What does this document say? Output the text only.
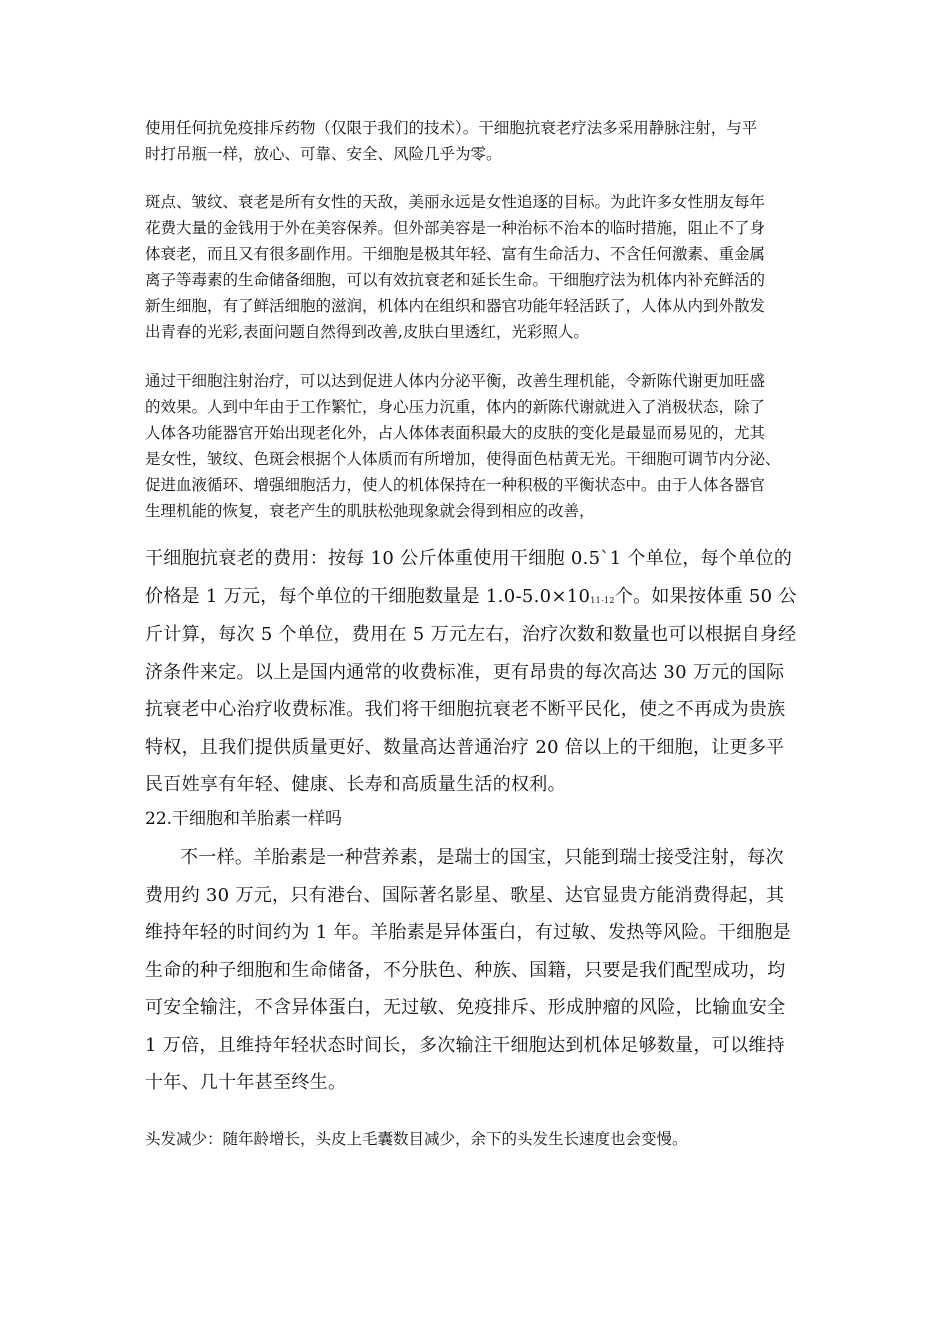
使用任何抗免疫排斥药物（仅限于我们的技术）。干细胞抗衰老疗法多采用静脉注射，与平
时打吊瓶一样，放心、可靠、安全、风险几乎为零。
斑点、皱纹、衰老是所有女性的天敌，美丽永远是女性追逐的目标。为此许多女性朋友每年
花费大量的金钱用于外在美容保养。但外部美容是一种治标不治本的临时措施，阻止不了身
体衰老，而且又有很多副作用。干细胞是极其年轻、富有生命活力、不含任何激素、重金属
离子等毒素的生命储备细胞，可以有效抗衰老和延长生命。干细胞疗法为机体内补充鲜活的
新生细胞，有了鲜活细胞的滋润，机体内在组织和器官功能年轻活跃了，人体从内到外散发
出青春的光彩,表面问题自然得到改善,皮肤白里透红，光彩照人。
通过干细胞注射治疗，可以达到促进人体内分泌平衡，改善生理机能，令新陈代谢更加旺盛
的效果。人到中年由于工作繁忙，身心压力沉重，体内的新陈代谢就进入了消极状态，除了
人体各功能器官开始出现老化外，占人体体表面积最大的皮肤的变化是最显而易见的，尤其
是女性，皱纹、色斑会根据个人体质而有所增加，使得面色枯黄无光。干细胞可调节内分泌、
促进血液循环、增强细胞活力，使人的机体保持在一种积极的平衡状态中。由于人体各器官
生理机能的恢复，衰老产生的肌肤松弛现象就会得到相应的改善，
干细胞抗衰老的费用：按每 10 公斤体重使用干细胞 0.5`1 个单位，每个单位的
价格是 1 万元，每个单位的干细胞数量是 $1.0-5.0\times 10_{11-12}$个。如果按体重 50 公
斤计算，每次 5 个单位，费用在 5 万元左右，治疗次数和数量也可以根据自身经
济条件来定。以上是国内通常的收费标准，更有昂贵的每次高达 30 万元的国际
抗衰老中心治疗收费标准。我们将干细胞抗衰老不断平民化，使之不再成为贵族
特权，且我们提供质量更好、数量高达普通治疗 20 倍以上的干细胞，让更多平
民百姓享有年轻、健康、长寿和高质量生活的权利。
22.干细胞和羊胎素一样吗
不一样。羊胎素是一种营养素，是瑞士的国宝，只能到瑞士接受注射，每次
费用约 30 万元，只有港台、国际著名影星、歌星、达官显贵方能消费得起，其
维持年轻的时间约为 1 年。羊胎素是异体蛋白，有过敏、发热等风险。干细胞是
生命的种子细胞和生命储备，不分肤色、种族、国籍，只要是我们配型成功，均
可安全输注，不含异体蛋白，无过敏、免疫排斥、形成肿瘤的风险，比输血安全
1 万倍，且维持年轻状态时间长，多次输注干细胞达到机体足够数量，可以维持
十年、几十年甚至终生。
头发减少：随年龄增长，头皮上毛囊数目减少，余下的头发生长速度也会变慢。
